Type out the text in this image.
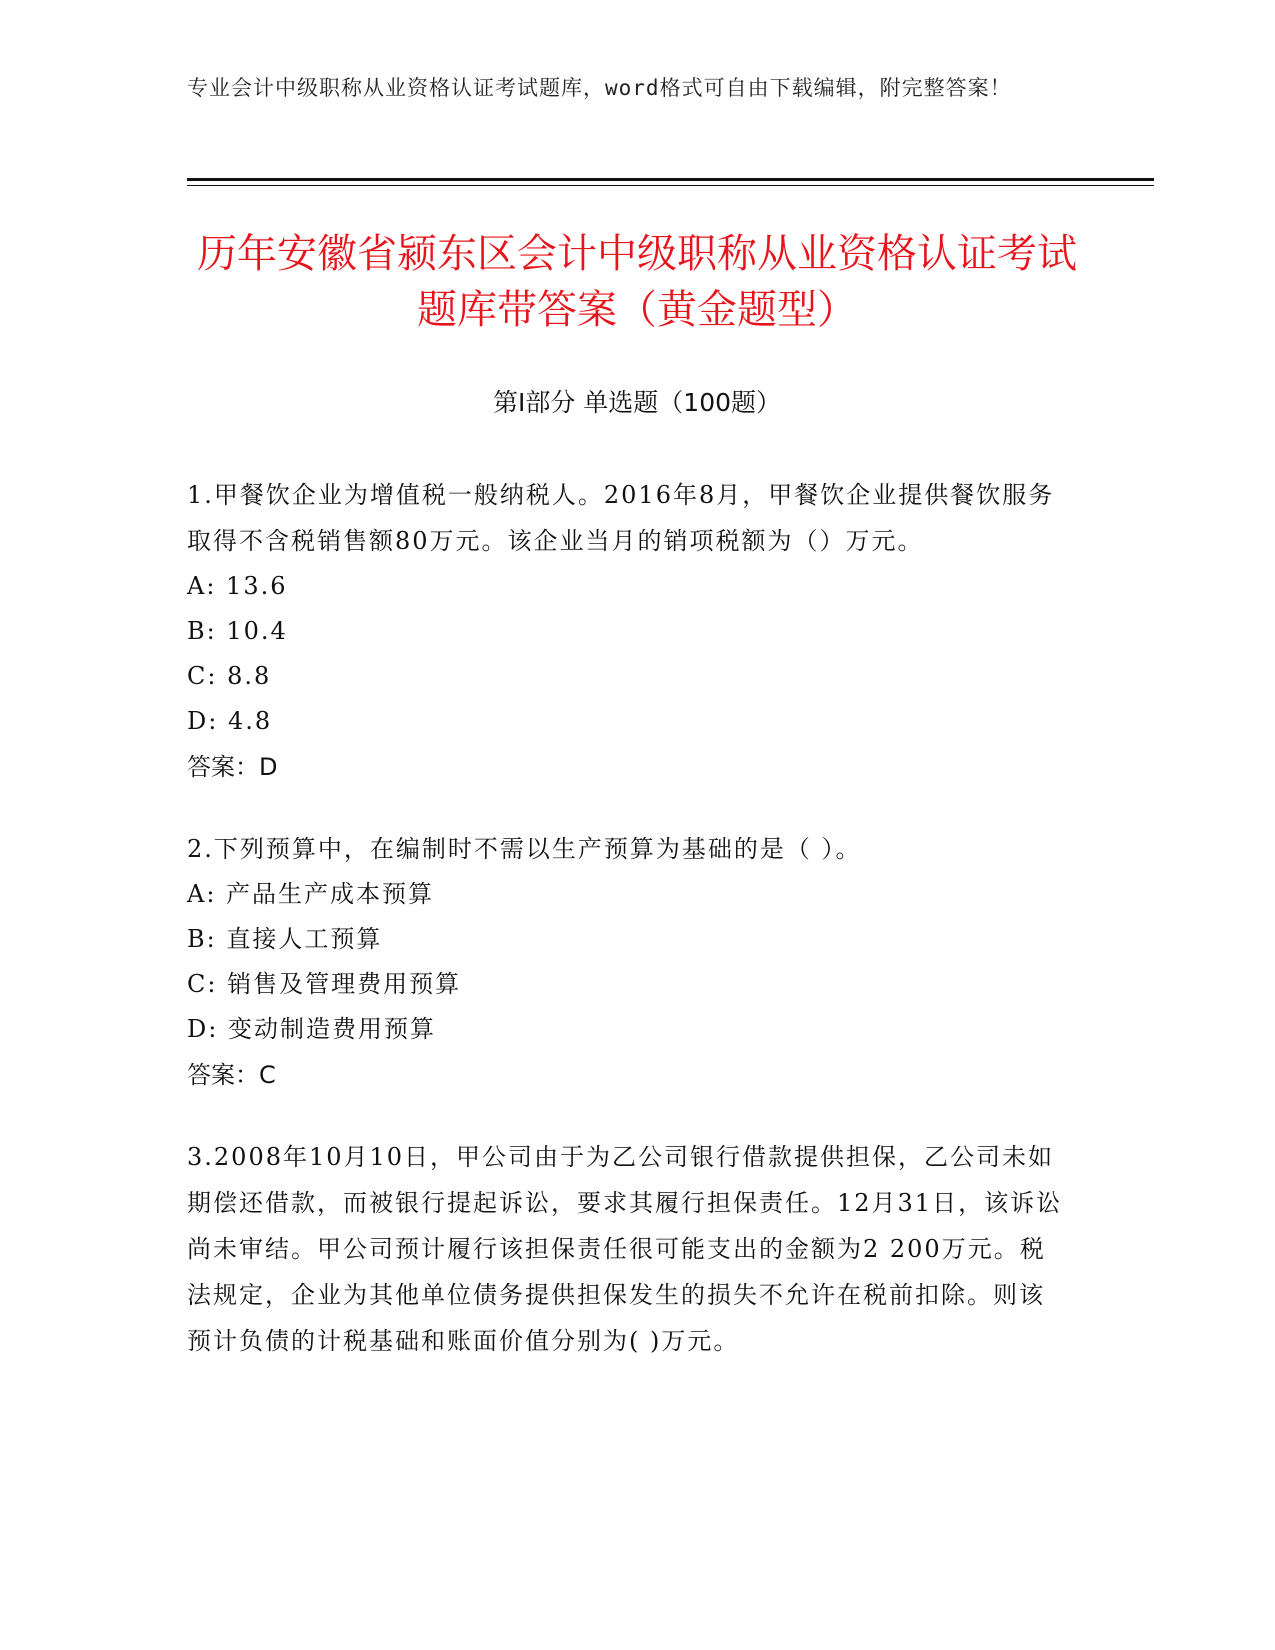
专业会计中级职称从业资格认证考试题库，word格式可自由下载编辑，附完整答案！
历年安徽省颍东区会计中级职称从业资格认证考试题库带答案（黄金题型）
第I部分 单选题（100题）

1.甲餐饮企业为增值税一般纳税人。2016年8月，甲餐饮企业提供餐饮服务取得不含税销售额80万元。该企业当月的销项税额为（）万元。

A: 13.6
B: 10.4
C: 8.8
D: 4.8
答案：D

2.下列预算中，在编制时不需以生产预算为基础的是（ ）。

A: 产品生产成本预算
B: 直接人工预算
C: 销售及管理费用预算
D: 变动制造费用预算
答案：C

3.2008年10月10日，甲公司由于为乙公司银行借款提供担保，乙公司未如期偿还借款，而被银行提起诉讼，要求其履行担保责任。12月31日，该诉讼尚未审结。甲公司预计履行该担保责任很可能支出的金额为2 200万元。税法规定，企业为其他单位债务提供担保发生的损失不允许在税前扣除。则该预计负债的计税基础和账面价值分别为( )万元。
